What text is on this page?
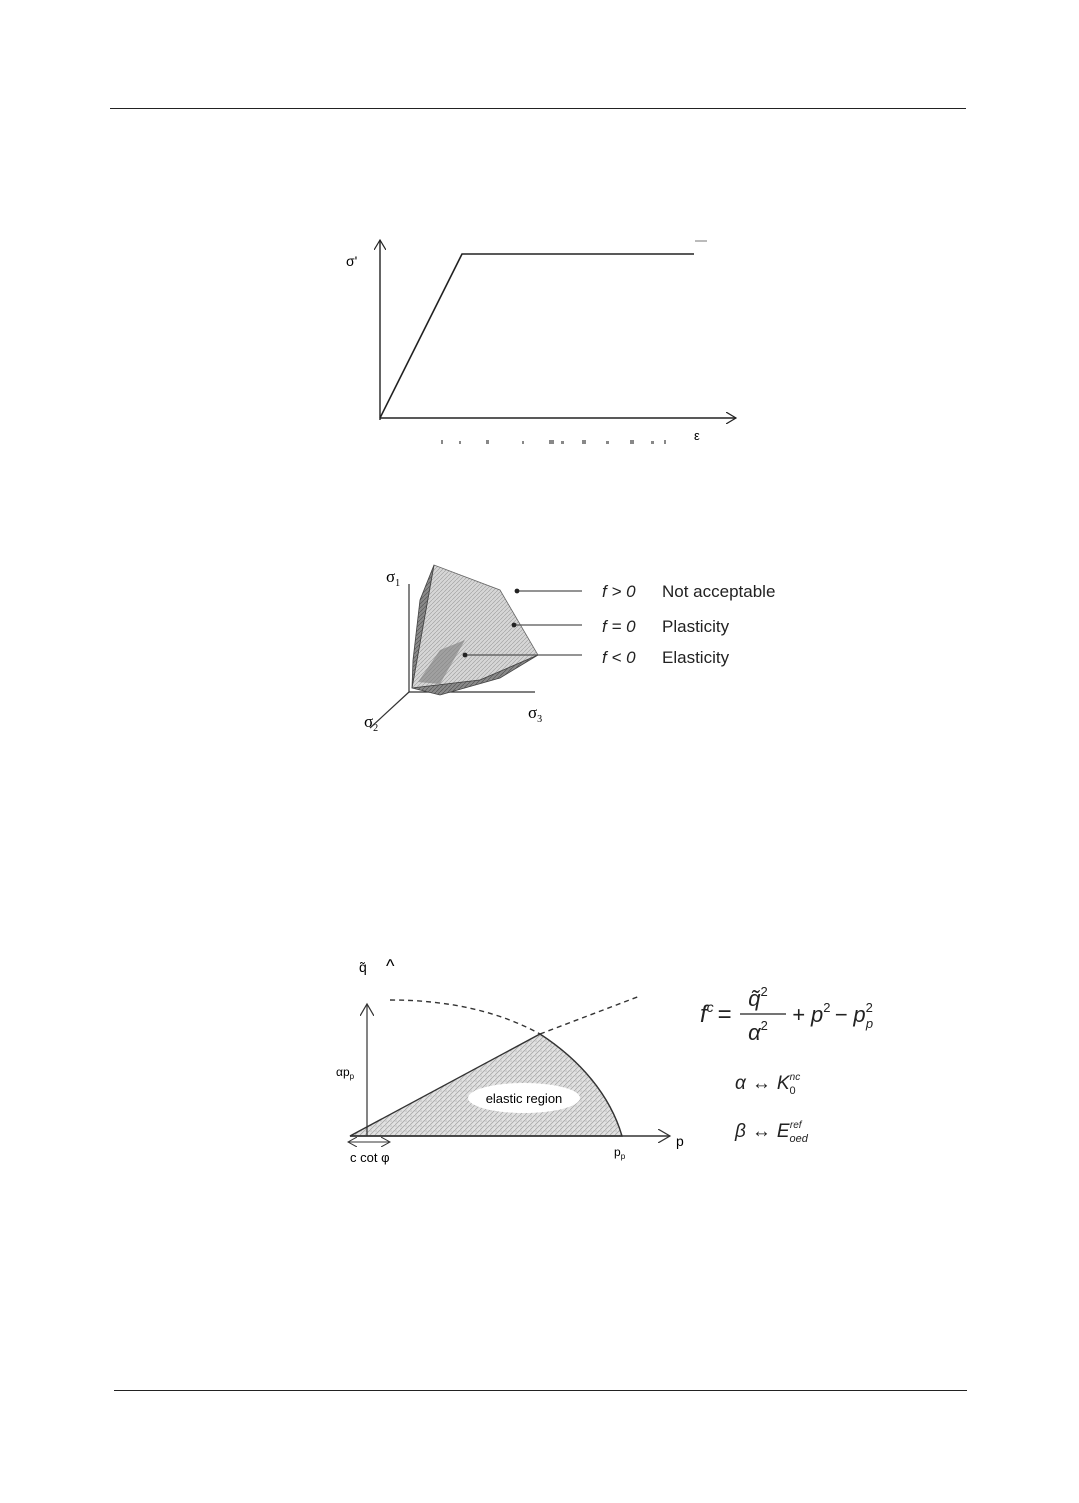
σ'
ε
$\sigma_1$
$\sigma_2$
$\sigma_3$
f > 0 Not acceptable
f = 0 Plasticity
f < 0 Elasticity
elastic region
q̃ ^
$\alpha p_p$
c cot φ	$p_p$
p
$f^c$ =
q̃$^2$
$\alpha^2 + p^2 - p^2$ p
α ↔ $K_0nc$
β ↔ $E_{oed}ref$
